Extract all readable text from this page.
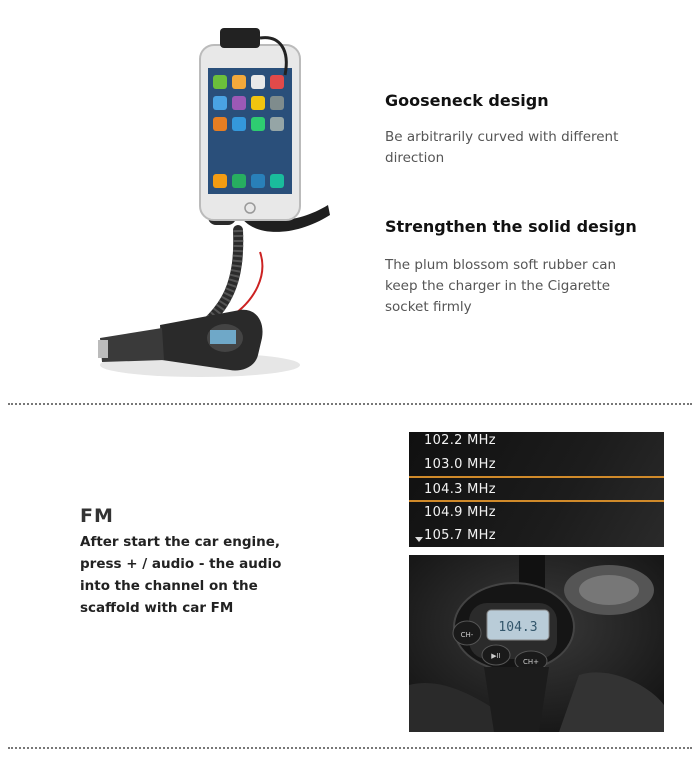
Gooseneck design

Be arbitrarily curved with different direction

Strengthen the solid design

The plum blossom soft rubber can keep the charger in the Cigarette socket firmly

FM

After start the car engine,
press + / audio - the audio
into the channel on the
scaffold with car FM

102.2 MHz
103.0 MHz
104.3 MHz
104.9 MHz
105.7 MHz
104.3
CH-
▶II
CH+
